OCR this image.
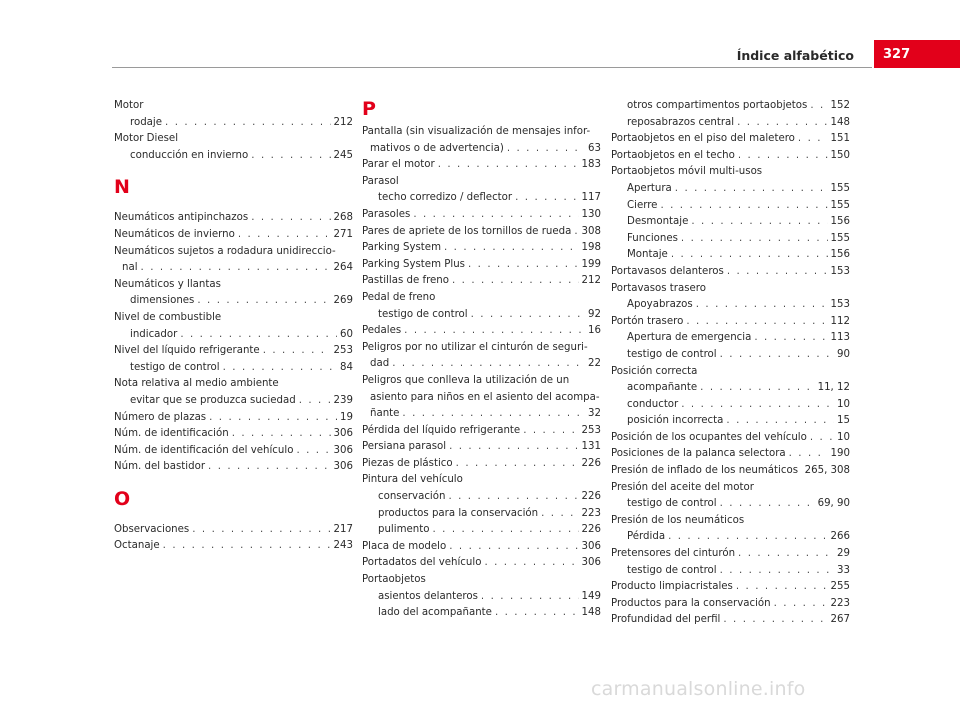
Índice alfabético	327
Motor
rodaje . . .	212
Motor Diesel
conducción en invierno . . .	245
N
Neumáticos antipinchazos . . .	268
Neumáticos de invierno . . .	271
Neumáticos sujetos a rodadura unidireccio-
nal . . .	264
Neumáticos y llantas
dimensiones . . .	269
Nivel de combustible
indicador . . .	60
Nivel del líquido refrigerante . . .	253
testigo de control . . .	84
Nota relativa al medio ambiente
evitar que se produzca suciedad . . .	239
Número de plazas . . .	19
Núm. de identificación . . .	306
Núm. de identificación del vehículo . . .	306
Núm. del bastidor . . .	306
O
Observaciones . . .	217
Octanaje . . .	243
P
Pantalla (sin visualización de mensajes infor-
mativos o de advertencia) . . .	63
Parar el motor . . .	183
Parasol
techo corredizo / deflector . . .	117
Parasoles . . .	130
Pares de apriete de los tornillos de rueda . . . 308
Parking System . . .	198
Parking System Plus . . .	199
Pastillas de freno . . .	212
Pedal de freno
testigo de control . . .	92
Pedales . . .	16
Peligros por no utilizar el cinturón de seguri-
dad . . .	22
Peligros que conlleva la utilización de un
asiento para niños en el asiento del acompa-
ñante . . .	32
Pérdida del líquido refrigerante . . .	253
Persiana parasol . . .	131
Piezas de plástico . . .	226
Pintura del vehículo
conservación . . .	226
productos para la conservación . . .	223
pulimento . . .	226
Placa de modelo . . .	306
Portadatos del vehículo . . .	306
Portaobjetos
asientos delanteros . . .	149
lado del acompañante . . .	148
otros compartimentos portaobjetos . . . 152
reposabrazos central . . .	148
Portaobjetos en el piso del maletero . . .	151
Portaobjetos en el techo . . .	150
Portaobjetos móvil multi-usos
Apertura . . .	155
Cierre . . .	155
Desmontaje . . .	156
Funciones . . .	155
Montaje . . .	156
Portavasos delanteros . . .	153
Portavasos trasero
Apoyabrazos . . .	153
Portón trasero . . .	112
Apertura de emergencia . . .	113
testigo de control . . .	90
Posición correcta
acompañante . . .	11, 12
conductor . . .	10
posición incorrecta . . .	15
Posición de los ocupantes del vehículo . . .	10
Posiciones de la palanca selectora . . .	190
Presión de inflado de los neumáticos . . . 265, 308
Presión del aceite del motor
testigo de control . . .	69, 90
Presión de los neumáticos
Pérdida . . .	266
Pretensores del cinturón . . .	29
testigo de control . . .	33
Producto limpiacristales . . .	255
Productos para la conservación . . .	223
Profundidad del perfil . . .	267
carmanualsonline.info
